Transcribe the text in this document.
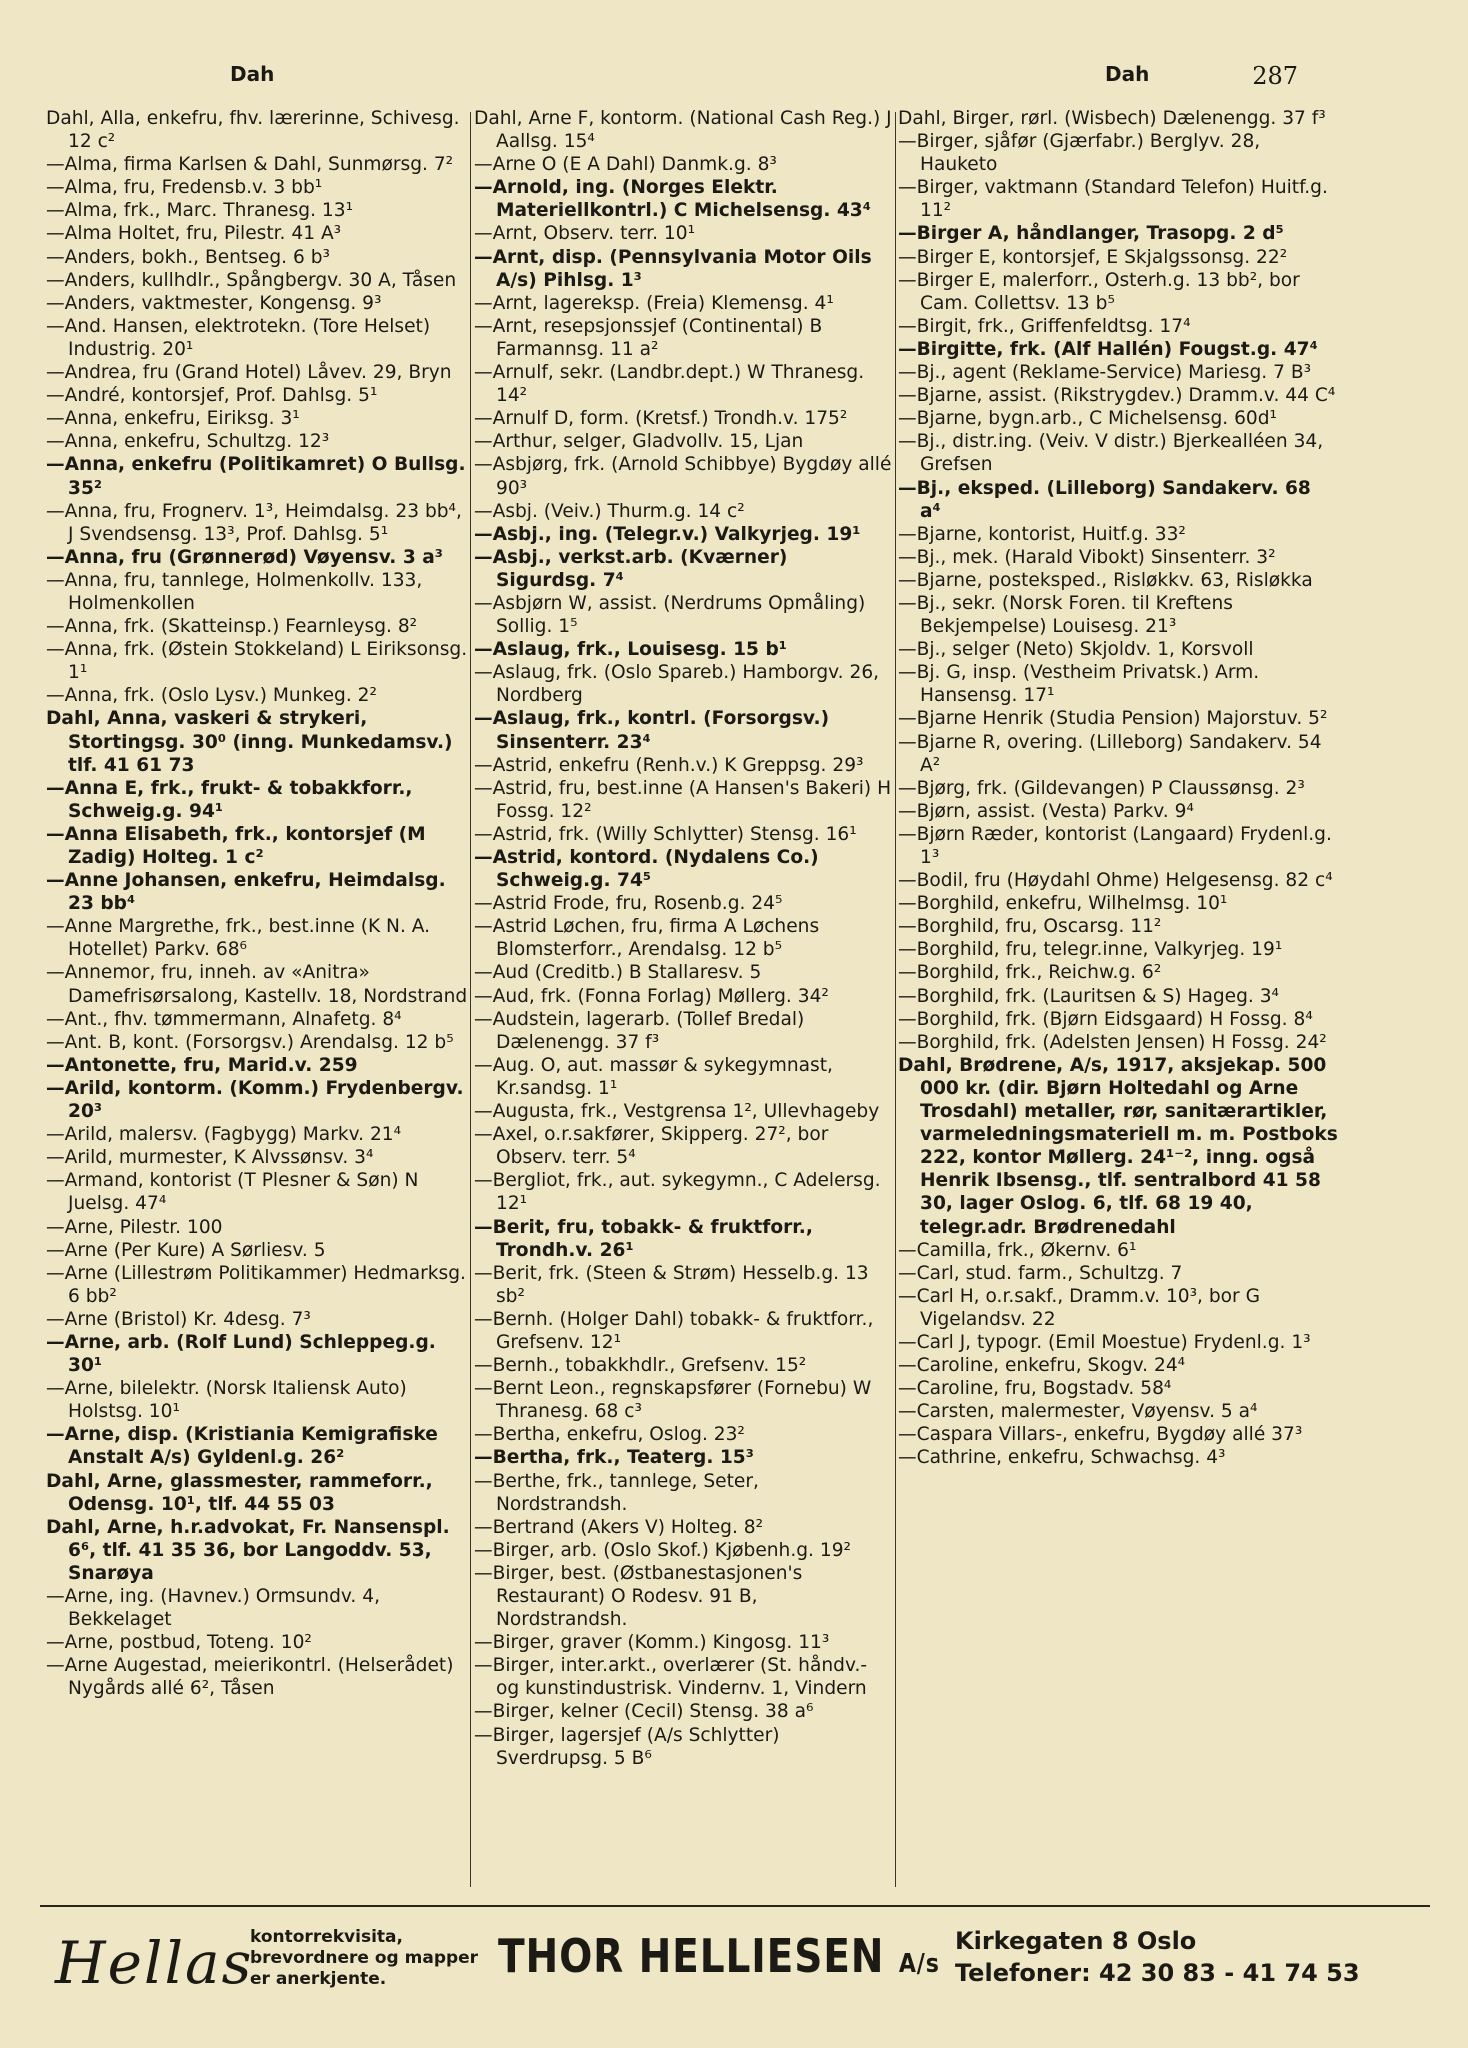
Dah	Dah	287
Dahl, Alla, enkefru, fhv. lærerinne, Schivesg. 12 c²
—Alma, firma Karlsen & Dahl, Sunmørsg. 7²
—Alma, fru, Fredensb.v. 3 bb¹
—Alma, frk., Marc. Thranesg. 13¹
—Alma Holtet, fru, Pilestr. 41 A³
—Anders, bokh., Bentseg. 6 b³
—Anders, kullhdlr., Spångbergv. 30 A, Tåsen
—Anders, vaktmester, Kongensg. 9³
—And. Hansen, elektrotekn. (Tore Helset) Industrig. 20¹
—Andrea, fru (Grand Hotel) Låvev. 29, Bryn
—André, kontorsjef, Prof. Dahlsg. 5¹
—Anna, enkefru, Eiriksg. 3¹
—Anna, enkefru, Schultzg. 12³
—Anna, enkefru (Politikamret) O Bullsg. 35²
—Anna, fru, Frognerv. 1³, Heimdalsg. 23 bb⁴, J Svendsensg. 13³, Prof. Dahlsg. 5¹
—Anna, fru (Grønnerød) Vøyensv. 3 a³
—Anna, fru, tannlege, Holmenkollv. 133, Holmenkollen
—Anna, frk. (Skatteinsp.) Fearnleysg. 8²
—Anna, frk. (Østein Stokkeland) L Eiriksonsg. 1¹
—Anna, frk. (Oslo Lysv.) Munkeg. 2²
Dahl, Anna, vaskeri & strykeri, Stortingsg. 30⁰ (inng. Munkedamsv.) tlf. 41 61 73
—Anna E, frk., frukt- & tobakkforr., Schweig.g. 94¹
—Anna Elisabeth, frk., kontorsjef (M Zadig) Holteg. 1 c²
—Anne Johansen, enkefru, Heimdalsg. 23 bb⁴
—Anne Margrethe, frk., best.inne (K N. A. Hotellet) Parkv. 68⁶
—Annemor, fru, inneh. av «Anitra» Damefrisørsalong, Kastellv. 18, Nordstrand
—Ant., fhv. tømmermann, Alnafetg. 8⁴
—Ant. B, kont. (Forsorgsv.) Arendalsg. 12 b⁵
—Antonette, fru, Marid.v. 259
—Arild, kontorm. (Komm.) Frydenbergv. 20³
—Arild, malersv. (Fagbygg) Markv. 21⁴
—Arild, murmester, K Alvssønsv. 3⁴
—Armand, kontorist (T Plesner & Søn) N Juelsg. 47⁴
—Arne, Pilestr. 100
—Arne (Per Kure) A Sørliesv. 5
—Arne (Lillestrøm Politikammer) Hedmarksg. 6 bb²
—Arne (Bristol) Kr. 4desg. 7³
—Arne, arb. (Rolf Lund) Schleppeg.g. 30¹
—Arne, bilelektr. (Norsk Italiensk Auto) Holstsg. 10¹
—Arne, disp. (Kristiania Kemigrafiske Anstalt A/s) Gyldenl.g. 26²
Dahl, Arne, glassmester, rammeforr., Odensg. 10¹, tlf. 44 55 03
Dahl, Arne, h.r.advokat, Fr. Nansenspl. 6⁶, tlf. 41 35 36, bor Langoddv. 53, Snarøya
—Arne, ing. (Havnev.) Ormsundv. 4, Bekkelaget
—Arne, postbud, Toteng. 10²
—Arne Augestad, meierikontrl. (Helserådet) Nygårds allé 6², Tåsen
Dahl, Arne F, kontorm. (National Cash Reg.) J Aallsg. 15⁴
—Arne O (E A Dahl) Danmk.g. 8³
—Arnold, ing. (Norges Elektr. Materiellkontrl.) C Michelsensg. 43⁴
—Arnt, Observ. terr. 10¹
—Arnt, disp. (Pennsylvania Motor Oils A/s) Pihlsg. 1³
—Arnt, lagereksp. (Freia) Klemensg. 4¹
—Arnt, resepsjonssjef (Continental) B Farmannsg. 11 a²
—Arnulf, sekr. (Landbr.dept.) W Thranesg. 14²
—Arnulf D, form. (Kretsf.) Trondh.v. 175²
—Arthur, selger, Gladvollv. 15, Ljan
—Asbjørg, frk. (Arnold Schibbye) Bygdøy allé 90³
—Asbj. (Veiv.) Thurm.g. 14 c²
—Asbj., ing. (Telegr.v.) Valkyrjeg. 19¹
—Asbj., verkst.arb. (Kværner) Sigurdsg. 7⁴
—Asbjørn W, assist. (Nerdrums Opmåling) Sollig. 1⁵
—Aslaug, frk., Louisesg. 15 b¹
—Aslaug, frk. (Oslo Spareb.) Hamborgv. 26, Nordberg
—Aslaug, frk., kontrl. (Forsorgsv.) Sinsenterr. 23⁴
—Astrid, enkefru (Renh.v.) K Greppsg. 29³
—Astrid, fru, best.inne (A Hansen's Bakeri) H Fossg. 12²
—Astrid, frk. (Willy Schlytter) Stensg. 16¹
—Astrid, kontord. (Nydalens Co.) Schweig.g. 74⁵
—Astrid Frode, fru, Rosenb.g. 24⁵
—Astrid Løchen, fru, firma A Løchens Blomsterforr., Arendalsg. 12 b⁵
—Aud (Creditb.) B Stallaresv. 5
—Aud, frk. (Fonna Forlag) Møllerg. 34²
—Audstein, lagerarb. (Tollef Bredal) Dælenengg. 37 f³
—Aug. O, aut. massør & sykegymnast, Kr.sandsg. 1¹
—Augusta, frk., Vestgrensa 1², Ullevhageby
—Axel, o.r.sakfører, Skipperg. 27², bor Observ. terr. 5⁴
—Bergliot, frk., aut. sykegymn., C Adelersg. 12¹
—Berit, fru, tobakk- & fruktforr., Trondh.v. 26¹
—Berit, frk. (Steen & Strøm) Hesselb.g. 13 sb²
—Bernh. (Holger Dahl) tobakk- & fruktforr., Grefsenv. 12¹
—Bernh., tobakkhdlr., Grefsenv. 15²
—Bernt Leon., regnskapsfører (Fornebu) W Thranesg. 68 c³
—Bertha, enkefru, Oslog. 23²
—Bertha, frk., Teaterg. 15³
—Berthe, frk., tannlege, Seter, Nordstrandsh.
—Bertrand (Akers V) Holteg. 8²
—Birger, arb. (Oslo Skof.) Kjøbenh.g. 19²
—Birger, best. (Østbanestasjonen's Restaurant) O Rodesv. 91 B, Nordstrandsh.
—Birger, graver (Komm.) Kingosg. 11³
—Birger, inter.arkt., overlærer (St. håndv.- og kunstindustrisk. Vindernv. 1, Vindern
—Birger, kelner (Cecil) Stensg. 38 a⁶
—Birger, lagersjef (A/s Schlytter) Sverdrupsg. 5 B⁶
Dahl, Birger, rørl. (Wisbech) Dælenengg. 37 f³
—Birger, sjåfør (Gjærfabr.) Berglyv. 28, Hauketo
—Birger, vaktmann (Standard Telefon) Huitf.g. 11²
—Birger A, håndlanger, Trasopg. 2 d⁵
—Birger E, kontorsjef, E Skjalgssonsg. 22²
—Birger E, malerforr., Osterh.g. 13 bb², bor Cam. Collettsv. 13 b⁵
—Birgit, frk., Griffenfeldtsg. 17⁴
—Birgitte, frk. (Alf Hallén) Fougst.g. 47⁴
—Bj., agent (Reklame-Service) Mariesg. 7 B³
—Bjarne, assist. (Rikstrygdev.) Dramm.v. 44 C⁴
—Bjarne, bygn.arb., C Michelsensg. 60d¹
—Bj., distr.ing. (Veiv. V distr.) Bjerkealléen 34, Grefsen
—Bj., eksped. (Lilleborg) Sandakerv. 68 a⁴
—Bjarne, kontorist, Huitf.g. 33²
—Bj., mek. (Harald Vibokt) Sinsenterr. 3²
—Bjarne, posteksped., Risløkkv. 63, Risløkka
—Bj., sekr. (Norsk Foren. til Kreftens Bekjempelse) Louisesg. 21³
—Bj., selger (Neto) Skjoldv. 1, Korsvoll
—Bj. G, insp. (Vestheim Privatsk.) Arm. Hansensg. 17¹
—Bjarne Henrik (Studia Pension) Majorstuv. 5²
—Bjarne R, overing. (Lilleborg) Sandakerv. 54 A²
—Bjørg, frk. (Gildevangen) P Claussønsg. 2³
—Bjørn, assist. (Vesta) Parkv. 9⁴
—Bjørn Ræder, kontorist (Langaard) Frydenl.g. 1³
—Bodil, fru (Høydahl Ohme) Helgesensg. 82 c⁴
—Borghild, enkefru, Wilhelmsg. 10¹
—Borghild, fru, Oscarsg. 11²
—Borghild, fru, telegr.inne, Valkyrjeg. 19¹
—Borghild, frk., Reichw.g. 6²
—Borghild, frk. (Lauritsen & S) Hageg. 3⁴
—Borghild, frk. (Bjørn Eidsgaard) H Fossg. 8⁴
—Borghild, frk. (Adelsten Jensen) H Fossg. 24²
Dahl, Brødrene, A/s, 1917, aksjekap. 500 000 kr. (dir. Bjørn Holtedahl og Arne Trosdahl) metaller, rør, sanitærartikler, varmeledningsmateriell m. m. Postboks 222, kontor Møllerg. 24¹⁻², inng. også Henrik Ibsensg., tlf. sentralbord 41 58 30, lager Oslog. 6, tlf. 68 19 40, telegr.adr. Brødrenedahl
—Camilla, frk., Økernv. 6¹
—Carl, stud. farm., Schultzg. 7
—Carl H, o.r.sakf., Dramm.v. 10³, bor G Vigelandsv. 22
—Carl J, typogr. (Emil Moestue) Frydenl.g. 1³
—Caroline, enkefru, Skogv. 24⁴
—Caroline, fru, Bogstadv. 58⁴
—Carsten, malermester, Vøyensv. 5 a⁴
—Caspara Villars-, enkefru, Bygdøy allé 37³
—Cathrine, enkefru, Schwachsg. 4³
Hellas
kontorrekvisita, brevordnere og mapper er anerkjente.	THOR HELLIESEN A/s
Kirkegaten 8 Oslo
Telefoner: 42 30 83 - 41 74 53
